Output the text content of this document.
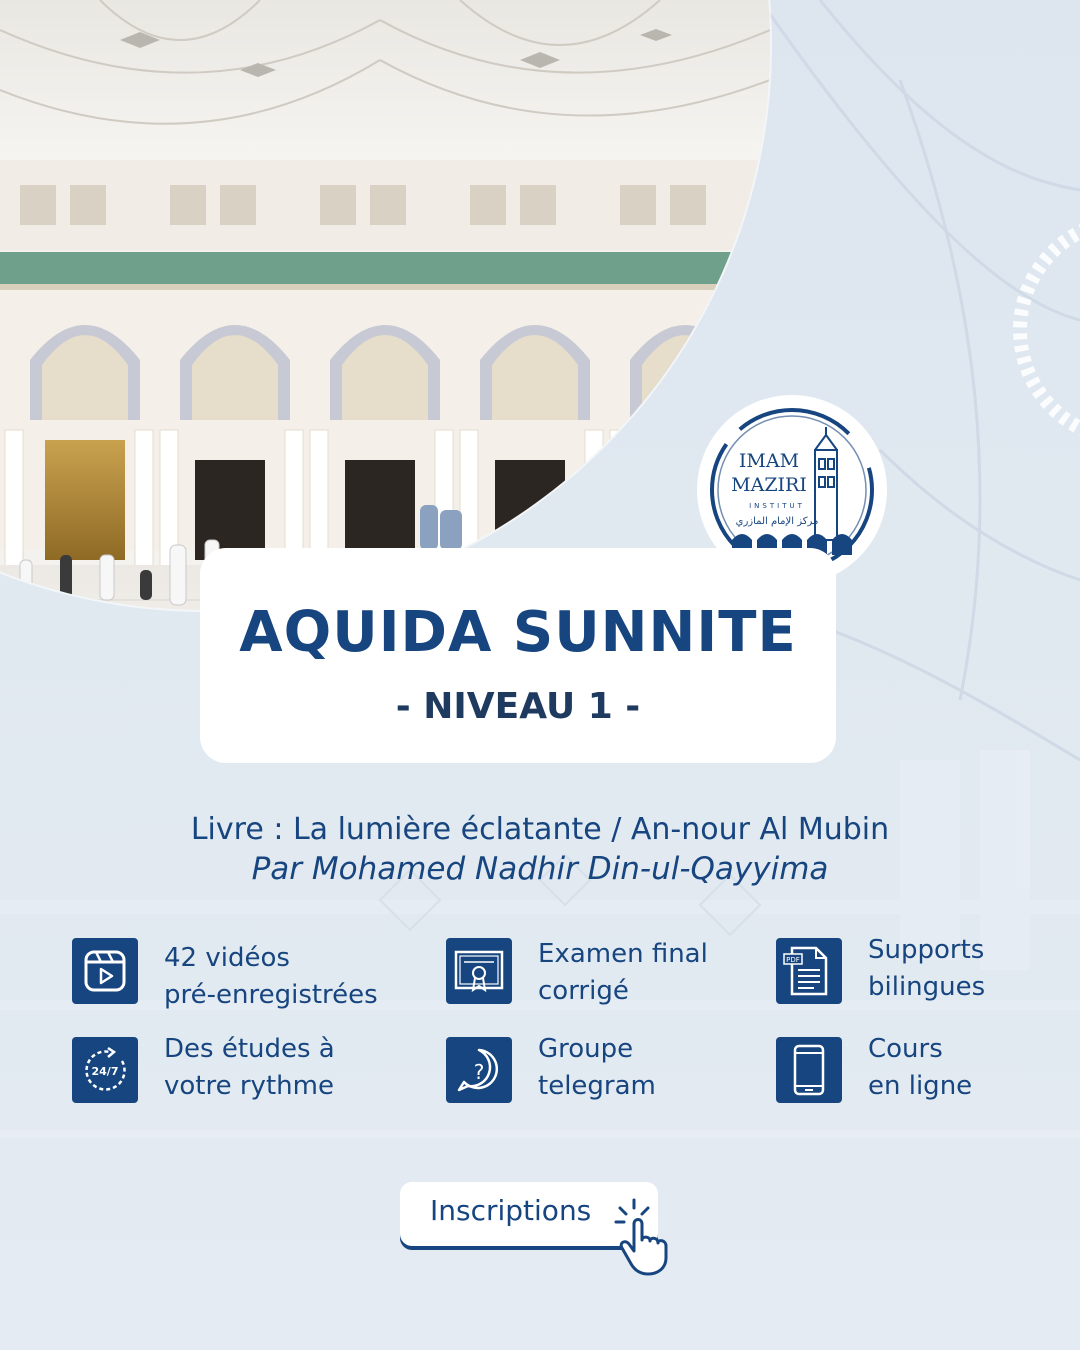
IMAM
MAZIRI
INSTITUT
مركز الإمام المازري
AQUIDA SUNNITE
- NIVEAU 1 -
Livre : La lumière éclatante / An-nour Al Mubin
Par Mohamed Nadhir Din-ul-Qayyima
42 vidéos
pré-enregistrées
Examen final
corrigé
PDF	Supports
bilingues
24/7
Des études à
votre rythme	?
Groupe
telegram
Cours
en ligne
Inscriptions
